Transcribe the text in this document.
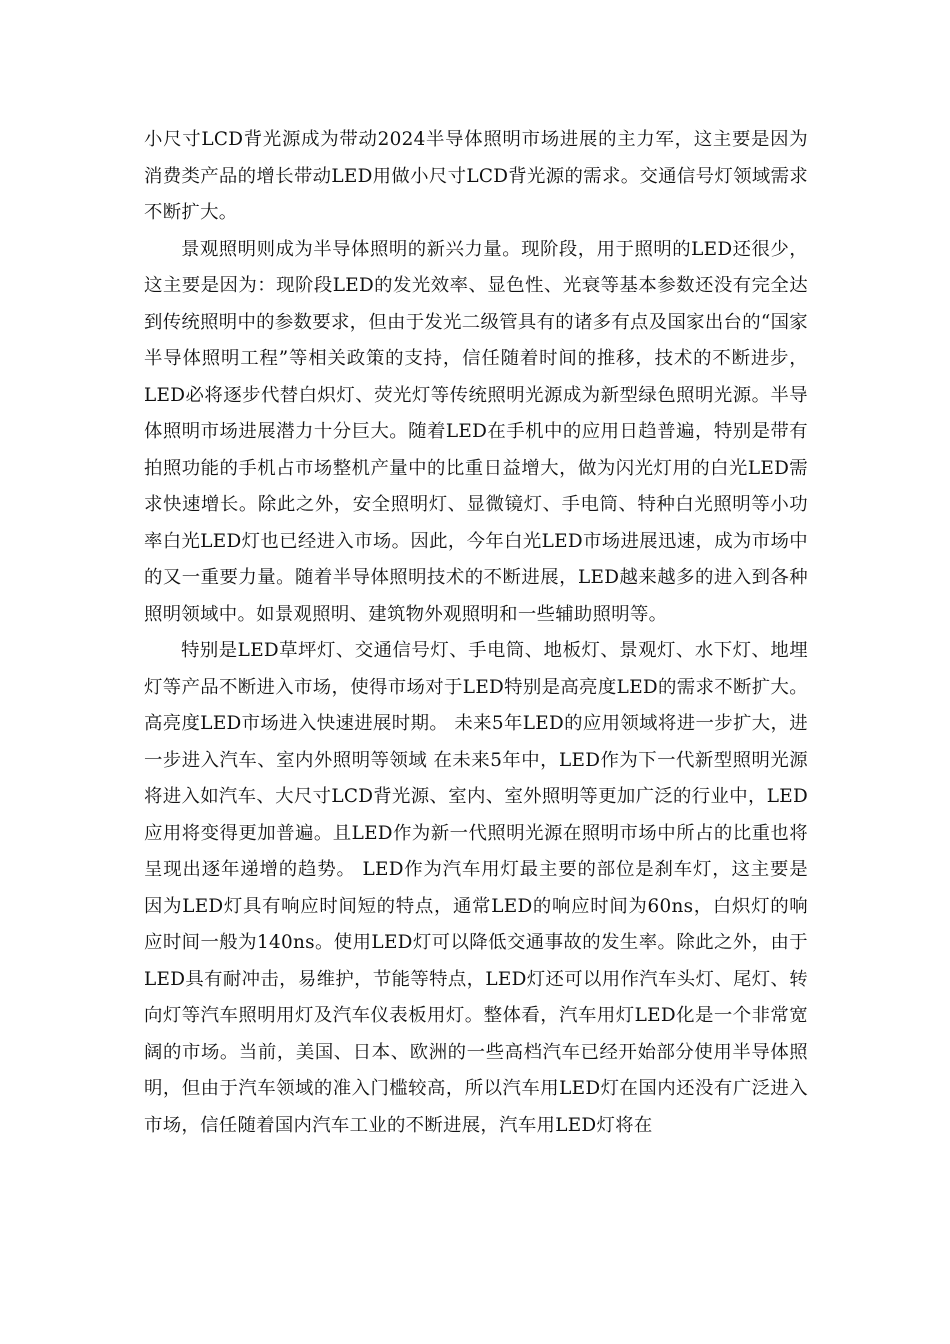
小尺寸LCD背光源成为带动2024半导体照明市场进展的主力军，这主要是因为消费类产品的增长带动LED用做小尺寸LCD背光源的需求。交通信号灯领域需求不断扩大。

景观照明则成为半导体照明的新兴力量。现阶段，用于照明的LED还很少，这主要是因为：现阶段LED的发光效率、显色性、光衰等基本参数还没有完全达到传统照明中的参数要求，但由于发光二级管具有的诸多有点及国家出台的“国家半导体照明工程”等相关政策的支持，信任随着时间的推移，技术的不断进步，LED必将逐步代替白炽灯、荧光灯等传统照明光源成为新型绿色照明光源。半导体照明市场进展潜力十分巨大。随着LED在手机中的应用日趋普遍，特别是带有拍照功能的手机占市场整机产量中的比重日益增大，做为闪光灯用的白光LED需求快速增长。除此之外，安全照明灯、显微镜灯、手电筒、特种白光照明等小功率白光LED灯也已经进入市场。因此，今年白光LED市场进展迅速，成为市场中的又一重要力量。随着半导体照明技术的不断进展，LED越来越多的进入到各种照明领域中。如景观照明、建筑物外观照明和一些辅助照明等。

特别是LED草坪灯、交通信号灯、手电筒、地板灯、景观灯、水下灯、地埋灯等产品不断进入市场，使得市场对于LED特别是高亮度LED的需求不断扩大。高亮度LED市场进入快速进展时期。 未来5年LED的应用领域将进一步扩大，进一步进入汽车、室内外照明等领域 在未来5年中，LED作为下一代新型照明光源将进入如汽车、大尺寸LCD背光源、室内、室外照明等更加广泛的行业中，LED应用将变得更加普遍。且LED作为新一代照明光源在照明市场中所占的比重也将呈现出逐年递增的趋势。 LED作为汽车用灯最主要的部位是刹车灯，这主要是因为LED灯具有响应时间短的特点，通常LED的响应时间为60ns，白炽灯的响应时间一般为140ns。使用LED灯可以降低交通事故的发生率。除此之外，由于LED具有耐冲击，易维护，节能等特点，LED灯还可以用作汽车头灯、尾灯、转向灯等汽车照明用灯及汽车仪表板用灯。整体看，汽车用灯LED化是一个非常宽阔的市场。当前，美国、日本、欧洲的一些高档汽车已经开始部分使用半导体照明，但由于汽车领域的准入门槛较高，所以汽车用LED灯在国内还没有广泛进入市场，信任随着国内汽车工业的不断进展，汽车用LED灯将在
